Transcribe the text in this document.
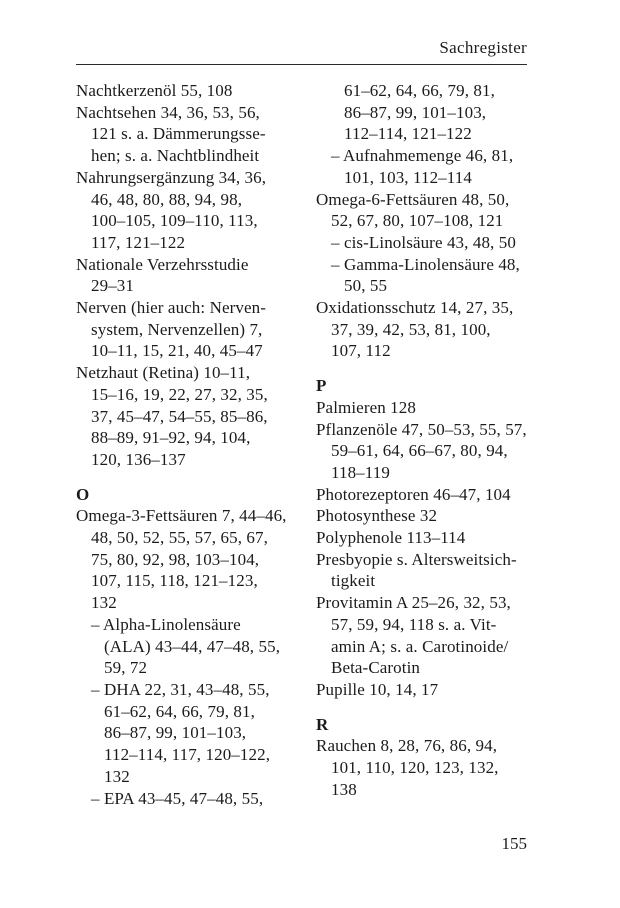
Sachregister
Nachtkerzenöl 55, 108
Nachtsehen 34, 36, 53, 56,
121 s. a. Dämmerungsse-
hen; s. a. Nachtblindheit
Nahrungsergänzung 34, 36,
46, 48, 80, 88, 94, 98,
100–105, 109–110, 113,
117, 121–122
Nationale Verzehrsstudie
29–31
Nerven (hier auch: Nerven-
system, Nervenzellen) 7,
10–11, 15, 21, 40, 45–47
Netzhaut (Retina) 10–11,
15–16, 19, 22, 27, 32, 35,
37, 45–47, 54–55, 85–86,
88–89, 91–92, 94, 104,
120, 136–137
O
Omega-3-Fettsäuren 7, 44–46,
48, 50, 52, 55, 57, 65, 67,
75, 80, 92, 98, 103–104,
107, 115, 118, 121–123,
132
– Alpha-Linolensäure
(ALA) 43–44, 47–48, 55,
59, 72
– DHA 22, 31, 43–48, 55,
61–62, 64, 66, 79, 81,
86–87, 99, 101–103,
112–114, 117, 120–122,
132
– EPA 43–45, 47–48, 55,
61–62, 64, 66, 79, 81,
86–87, 99, 101–103,
112–114, 121–122
– Aufnahmemenge 46, 81,
101, 103, 112–114
Omega-6-Fettsäuren 48, 50,
52, 67, 80, 107–108, 121
– cis-Linolsäure 43, 48, 50
– Gamma-Linolensäure 48,
50, 55
Oxidationsschutz 14, 27, 35,
37, 39, 42, 53, 81, 100,
107, 112
P
Palmieren 128
Pflanzenöle 47, 50–53, 55, 57,
59–61, 64, 66–67, 80, 94,
118–119
Photorezeptoren 46–47, 104
Photosynthese 32
Polyphenole 113–114
Presbyopie s. Altersweitsich-
tigkeit
Provitamin A 25–26, 32, 53,
57, 59, 94, 118 s. a. Vit-
amin A; s. a. Carotinoide/
Beta-Carotin
Pupille 10, 14, 17
R
Rauchen 8, 28, 76, 86, 94,
101, 110, 120, 123, 132,
138
155
